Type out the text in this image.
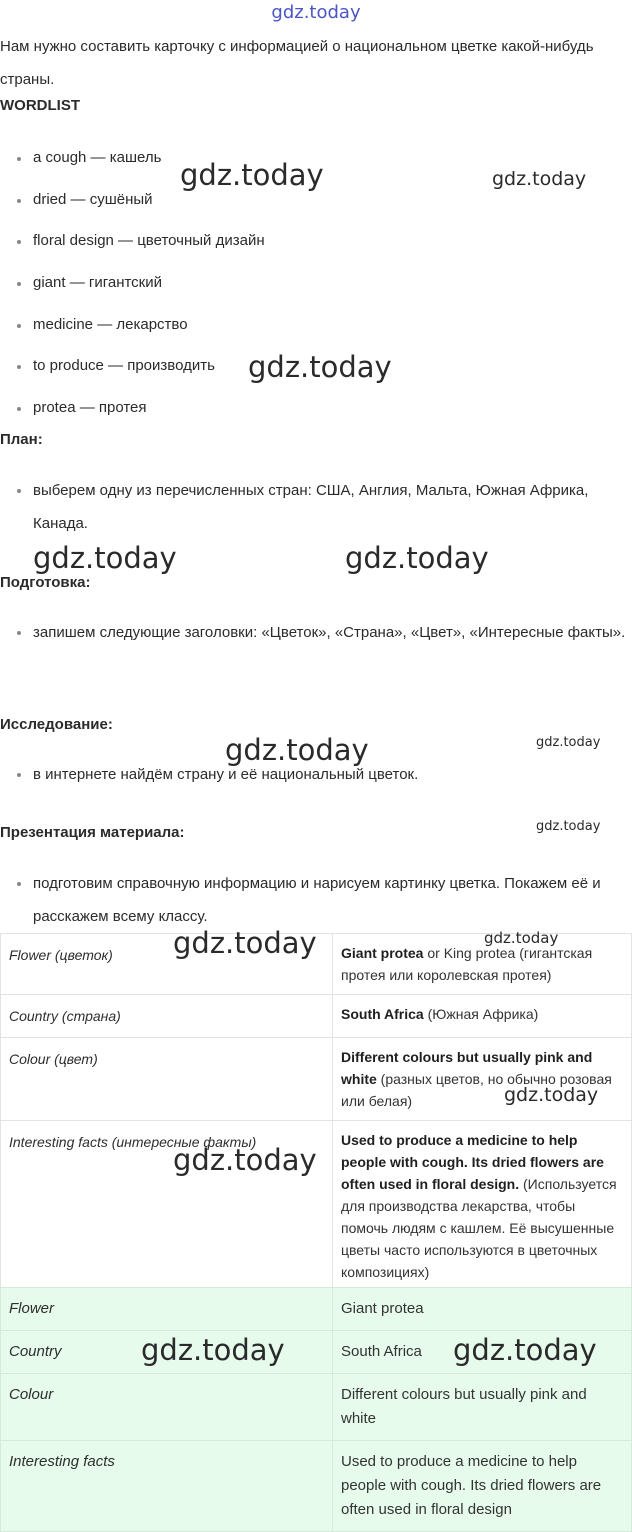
gdz.today
Нам нужно составить карточку с информацией о национальном цветке какой-нибудь страны.
WORDLIST
a cough — кашель
dried — сушёный
floral design — цветочный дизайн
giant — гигантский
medicine — лекарство
to produce — производить
protea — протея
План:
выберем одну из перечисленных стран: США, Англия, Мальта, Южная Африка, Канада.
Подготовка:
запишем следующие заголовки: «Цветок», «Страна», «Цвет», «Интересные факты».
Исследование:
в интернете найдём страну и её национальный цветок.
Презентация материала:
подготовим справочную информацию и нарисуем картинку цветка. Покажем её и расскажем всему классу.
Flower (цветок)	Giant protea or King protea (гигантская протея или королевская протея)
Country (страна)	South Africa (Южная Африка)
Colour (цвет)	Different colours but usually pink and white (разных цветов, но обычно розовая или белая)
Interesting facts (интересные факты)	Used to produce a medicine to help people with cough. Its dried flowers are often used in floral design. (Используется для производства лекарства, чтобы помочь людям с кашлем. Её высушенные цветы часто используются в цветочных композициях)
Flower	Giant protea
Country	South Africa
Colour	Different colours but usually pink and white
Interesting facts	Used to produce a medicine to help people with cough. Its dried flowers are often used in floral design
gdz.today	gdz.today
gdz.today
gdz.today	gdz.today
gdz.today	gdz.today
gdz.today
gdz.today	gdz.today
gdz.today
gdz.today
gdz.today	gdz.today
